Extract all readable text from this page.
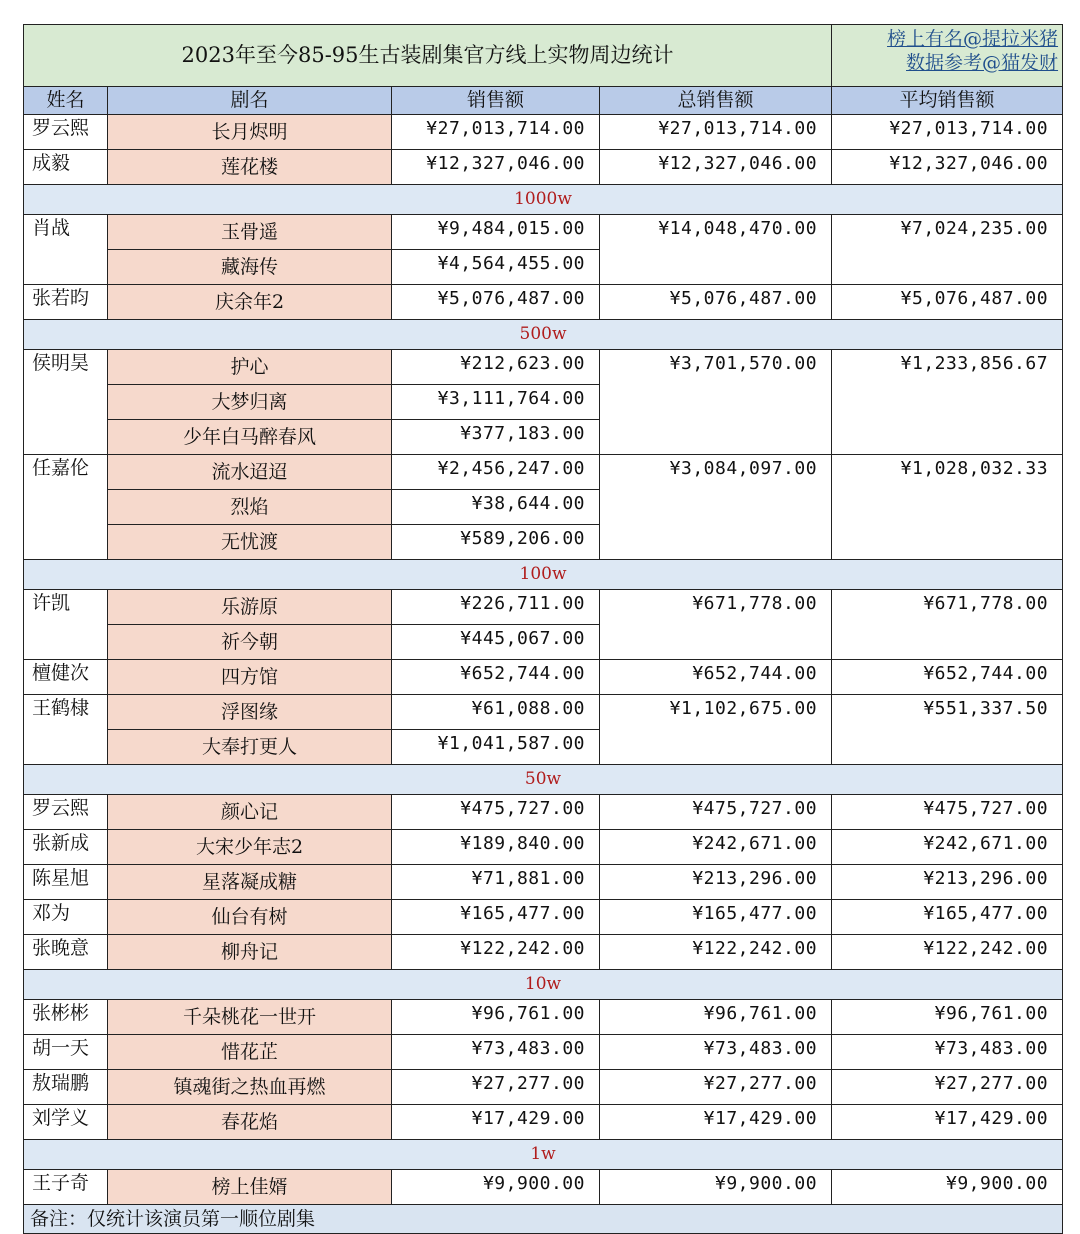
2023年至今85-95生古装剧集官方线上实物周边统计				榜上有名@提拉米猪
数据参考@猫发财

姓名	剧名	销售额	总销售额	平均销售额
罗云熙	长月烬明	¥27,013,714.00	¥27,013,714.00	¥27,013,714.00
成毅	莲花楼	¥12,327,046.00	¥12,327,046.00	¥12,327,046.00
1000w				
肖战	玉骨遥	¥9,484,015.00	¥14,048,470.00	¥7,024,235.00
	藏海传	¥4,564,455.00		
张若昀	庆余年2	¥5,076,487.00	¥5,076,487.00	¥5,076,487.00
500w				
侯明昊	护心	¥212,623.00	¥3,701,570.00	¥1,233,856.67
	大梦归离	¥3,111,764.00		
	少年白马醉春风	¥377,183.00		
任嘉伦	流水迢迢	¥2,456,247.00	¥3,084,097.00	¥1,028,032.33
	烈焰	¥38,644.00		
	无忧渡	¥589,206.00		
100w				
许凯	乐游原	¥226,711.00	¥671,778.00	¥671,778.00
	祈今朝	¥445,067.00		
檀健次	四方馆	¥652,744.00	¥652,744.00	¥652,744.00
王鹤棣	浮图缘	¥61,088.00	¥1,102,675.00	¥551,337.50
	大奉打更人	¥1,041,587.00		
50w				
罗云熙	颜心记	¥475,727.00	¥475,727.00	¥475,727.00
张新成	大宋少年志2	¥189,840.00	¥242,671.00	¥242,671.00
陈星旭	星落凝成糖	¥71,881.00	¥213,296.00	¥213,296.00
邓为	仙台有树	¥165,477.00	¥165,477.00	¥165,477.00
张晚意	柳舟记	¥122,242.00	¥122,242.00	¥122,242.00
10w				
张彬彬	千朵桃花一世开	¥96,761.00	¥96,761.00	¥96,761.00
胡一天	惜花芷	¥73,483.00	¥73,483.00	¥73,483.00
敖瑞鹏	镇魂街之热血再燃	¥27,277.00	¥27,277.00	¥27,277.00
刘学义	春花焰	¥17,429.00	¥17,429.00	¥17,429.00
1w				
王子奇	榜上佳婿	¥9,900.00	¥9,900.00	¥9,900.00
备注：仅统计该演员第一顺位剧集				
